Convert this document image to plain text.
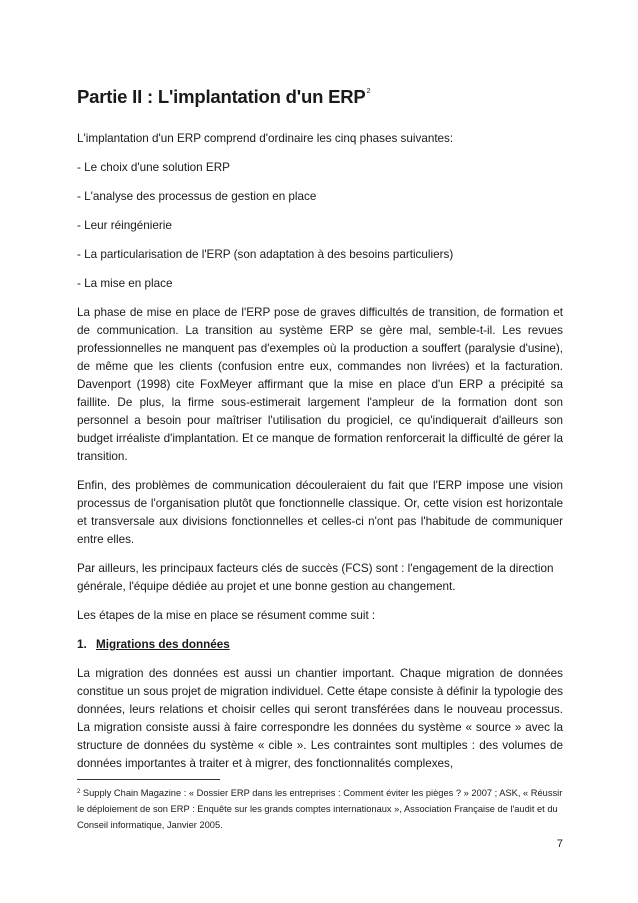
Partie II : L'implantation d'un ERP$^2$

L'implantation d'un ERP comprend d'ordinaire les cinq phases suivantes:

- Le choix d'une solution ERP

- L'analyse des processus de gestion en place

- Leur réingénierie

- La particularisation de l'ERP (son adaptation à des besoins particuliers)

- La mise en place

La phase de mise en place de l'ERP pose de graves difficultés de transition, de formation et de communication. La transition au système ERP se gère mal, semble-t-il. Les revues professionnelles ne manquent pas d'exemples où la production a souffert (paralysie d'usine), de même que les clients (confusion entre eux, commandes non livrées) et la facturation. Davenport (1998) cite FoxMeyer affirmant que la mise en place d'un ERP a précipité sa faillite. De plus, la firme sous-estimerait largement l'ampleur de la formation dont son personnel a besoin pour maîtriser l'utilisation du progiciel, ce qu'indiquerait d'ailleurs son budget irréaliste d'implantation. Et ce manque de formation renforcerait la difficulté de gérer la transition.

Enfin, des problèmes de communication découleraient du fait que l'ERP impose une vision processus de l'organisation plutôt que fonctionnelle classique. Or, cette vision est horizontale et transversale aux divisions fonctionnelles et celles-ci n'ont pas l'habitude de communiquer entre elles.

Par ailleurs, les principaux facteurs clés de succès (FCS) sont : l'engagement de la direction générale, l'équipe dédiée au projet et une bonne gestion au changement.

Les étapes de la mise en place se résument comme suit :

1. Migrations des données

La migration des données est aussi un chantier important. Chaque migration de données constitue un sous projet de migration individuel. Cette étape consiste à définir la typologie des données, leurs relations et choisir celles qui seront transférées dans le nouveau processus. La migration consiste aussi à faire correspondre les données du système « source » avec la structure de données du système « cible ». Les contraintes sont multiples : des volumes de données importantes à traiter et à migrer, des fonctionnalités complexes,

$^2$ Supply Chain Magazine : « Dossier ERP dans les entreprises : Comment éviter les pièges ? » 2007 ; ASK, « Réussir le déploiement de son ERP : Enquête sur les grands comptes internationaux », Association Française de l'audit et du Conseil informatique, Janvier 2005.
7
